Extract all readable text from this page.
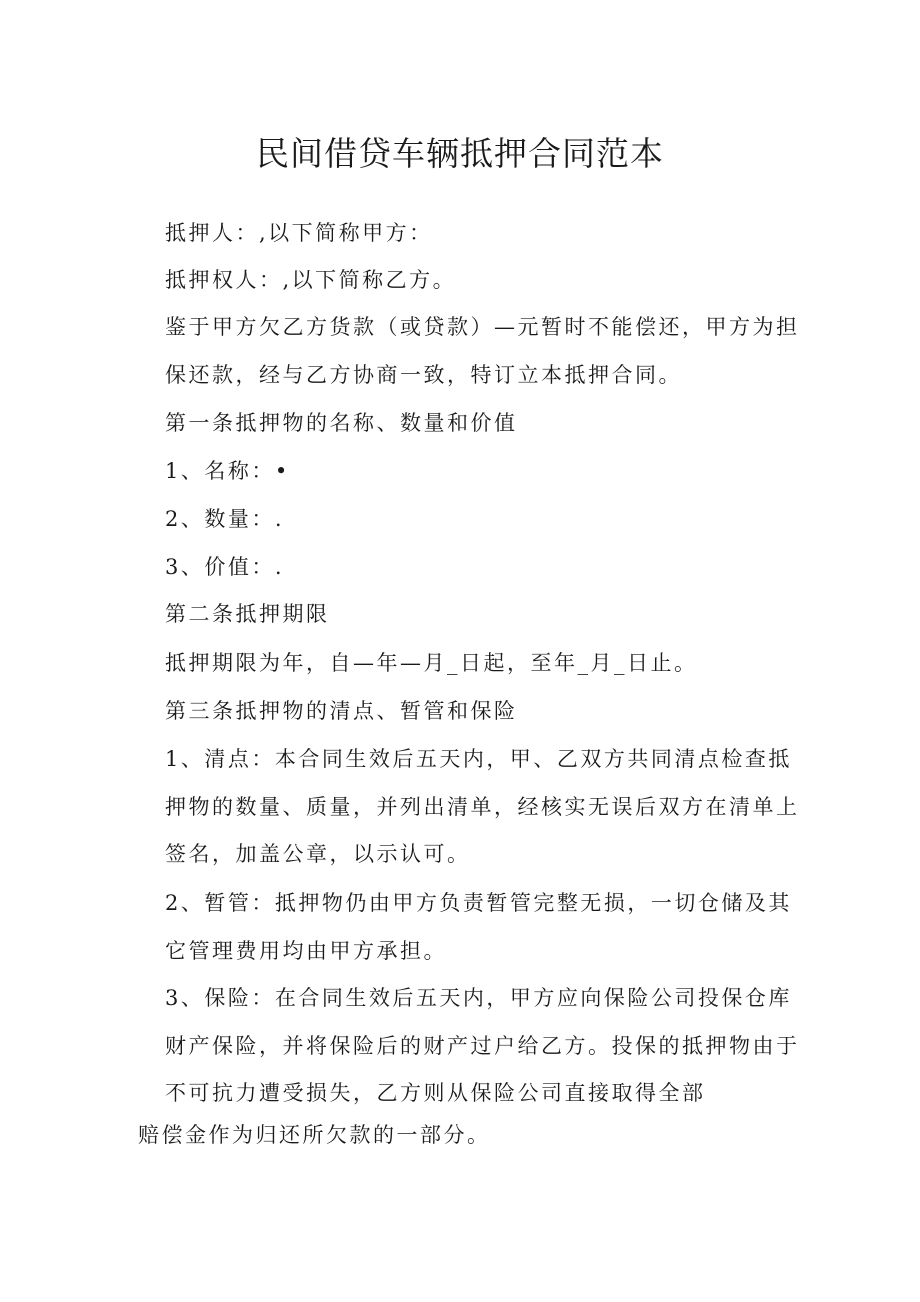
民间借贷车辆抵押合同范本

抵押人：,以下简称甲方：

抵押权人：,以下简称乙方。

鉴于甲方欠乙方货款（或贷款）—元暂时不能偿还，甲方为担保还款，经与乙方协商一致，特订立本抵押合同。

第一条抵押物的名称、数量和价值

1、名称：•

2、数量：.

3、价值：.

第二条抵押期限

抵押期限为年，自—年—月_日起，至年_月_日止。

第三条抵押物的清点、暂管和保险

1、清点：本合同生效后五天内，甲、乙双方共同清点检查抵押物的数量、质量，并列出清单，经核实无误后双方在清单上签名，加盖公章，以示认可。

2、暂管：抵押物仍由甲方负责暂管完整无损，一切仓储及其它管理费用均由甲方承担。

3、保险：在合同生效后五天内，甲方应向保险公司投保仓库财产保险，并将保险后的财产过户给乙方。投保的抵押物由于不可抗力遭受损失，乙方则从保险公司直接取得全部

赔偿金作为归还所欠款的一部分。
